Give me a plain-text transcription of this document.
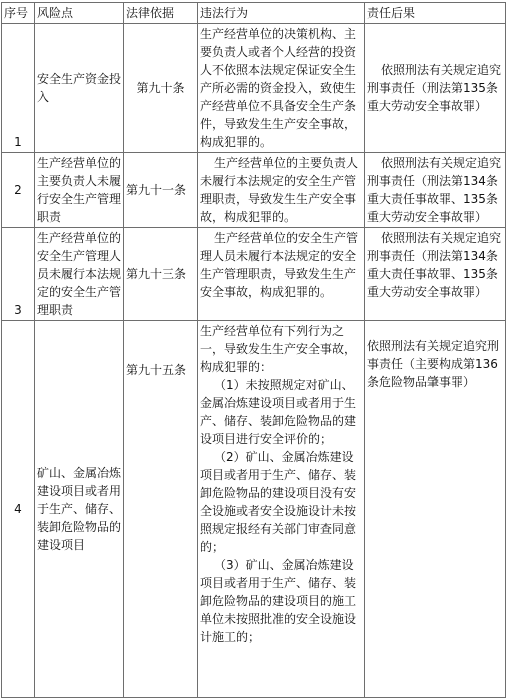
序号	风险点	法律依据	违法行为	责任后果
1	安全生产资金投入	第九十条	生产经营单位的决策机构、主要负责人或者个人经营的投资人不依照本法规定保证安全生产所必需的资金投入，致使生产经营单位不具备安全生产条件，导致发生生产安全事故，构成犯罪的。	依照刑法有关规定追究刑事责任（刑法第135条重大劳动安全事故罪）
2	生产经营单位的主要负责人未履行安全生产管理职责	第九十一条	生产经营单位的主要负责人未履行本法规定的安全生产管理职责，导致发生生产安全事故，构成犯罪的。	依照刑法有关规定追究刑事责任（刑法第134条重大责任事故罪、135条重大劳动安全事故罪）
3	生产经营单位的安全生产管理人员未履行本法规定的安全生产管理职责	第九十三条	生产经营单位的安全生产管理人员未履行本法规定的安全生产管理职责，导致发生生产安全事故，构成犯罪的。	依照刑法有关规定追究刑事责任（刑法第134条重大责任事故罪、135条重大劳动安全事故罪）
4	矿山、金属冶炼建设项目或者用于生产、储存、装卸危险物品的建设项目	第九十五条	生产经营单位有下列行为之一，导致发生生产安全事故，构成犯罪的：
（1）未按照规定对矿山、金属冶炼建设项目或者用于生产、储存、装卸危险物品的建设项目进行安全评价的；
（2）矿山、金属冶炼建设项目或者用于生产、储存、装卸危险物品的建设项目没有安全设施或者安全设施设计未按照规定报经有关部门审查同意的；
（3）矿山、金属冶炼建设项目或者用于生产、储存、装卸危险物品的建设项目的施工单位未按照批准的安全设施设计施工的；	依照刑法有关规定追究刑事责任（主要构成第136条危险物品肇事罪）
